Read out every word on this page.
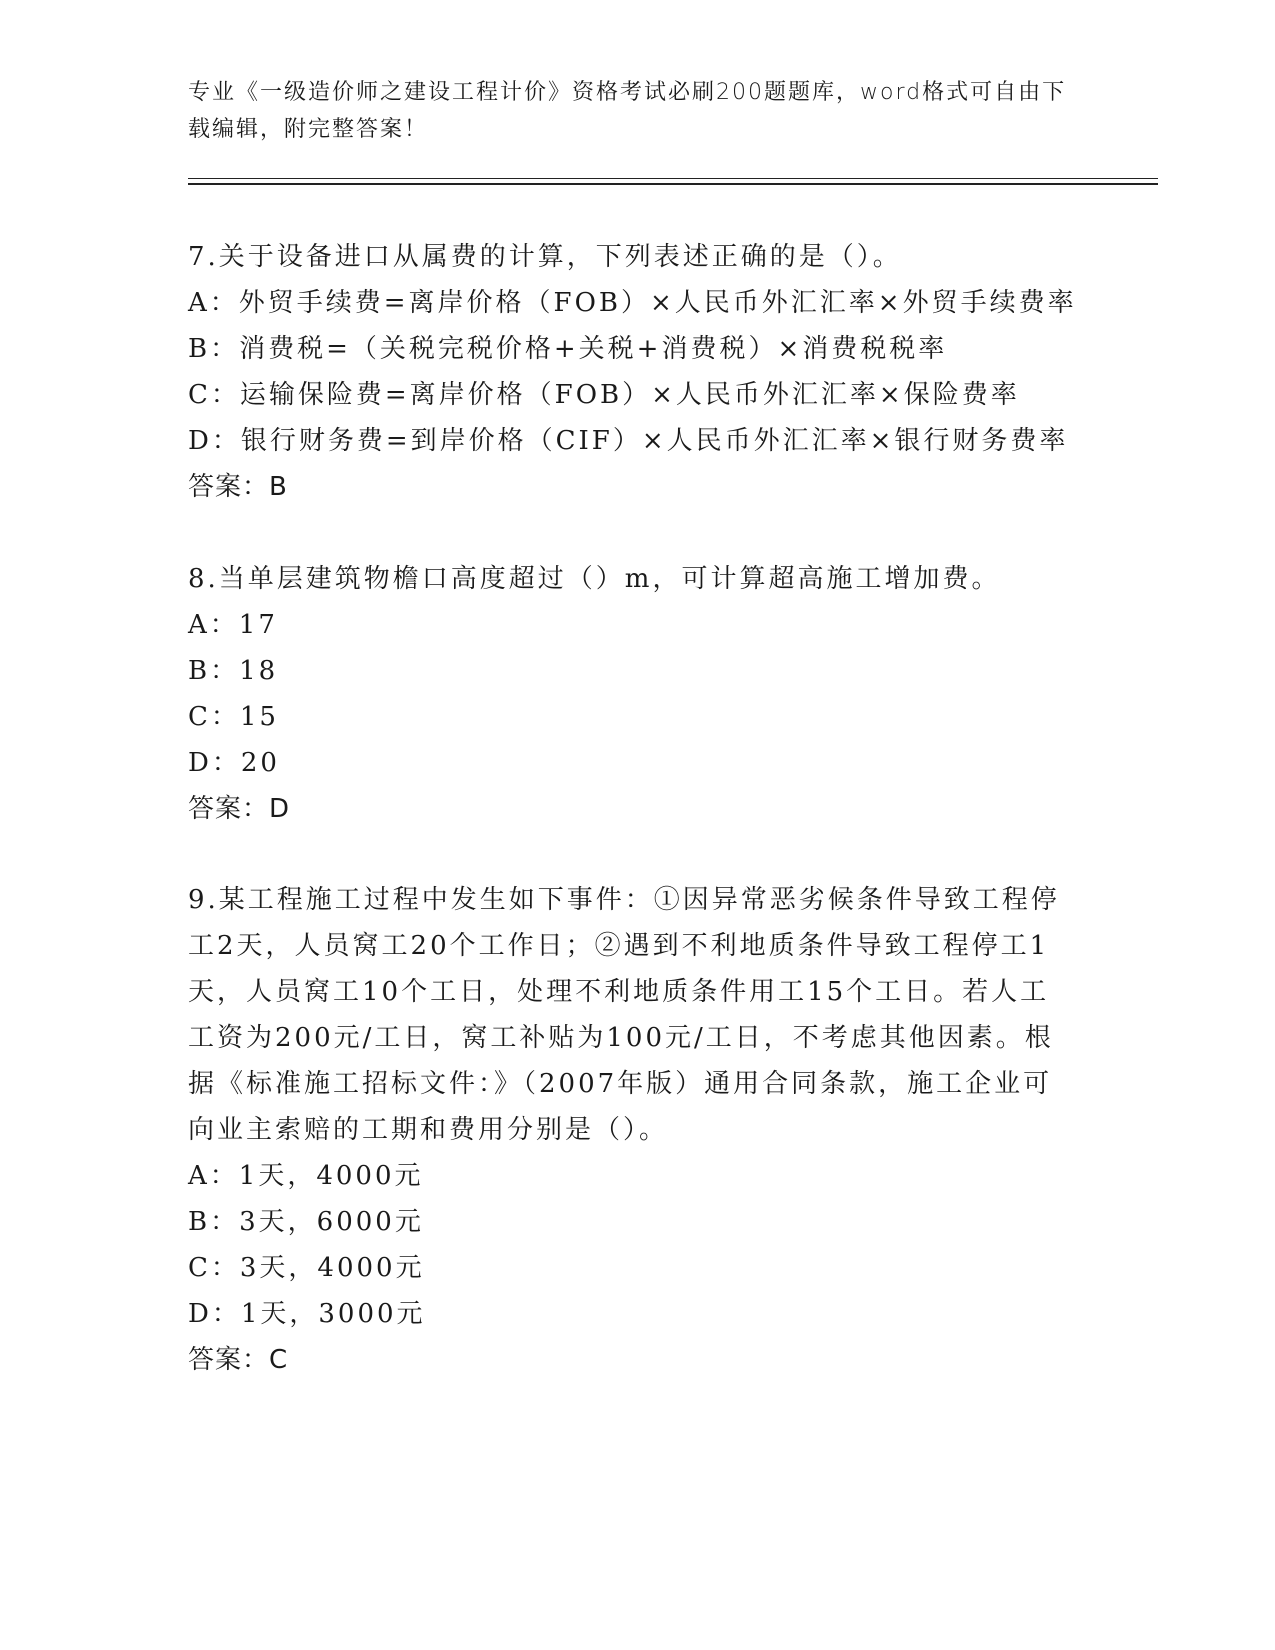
专业《一级造价师之建设工程计价》资格考试必刷200题题库，word格式可自由下载编辑，附完整答案！
7.关于设备进口从属费的计算，下列表述正确的是（）。
A：外贸手续费=离岸价格（FOB）×人民币外汇汇率×外贸手续费率
B：消费税=（关税完税价格+关税+消费税）×消费税税率
C：运输保险费=离岸价格（FOB）×人民币外汇汇率×保险费率
D：银行财务费=到岸价格（CIF）×人民币外汇汇率×银行财务费率
答案：B
8.当单层建筑物檐口高度超过（）m，可计算超高施工增加费。
A：17
B：18
C：15
D：20
答案：D
9.某工程施工过程中发生如下事件：①因异常恶劣候条件导致工程停工2天，人员窝工20个工作日；②遇到不利地质条件导致工程停工1天，人员窝工10个工日，处理不利地质条件用工15个工日。若人工工资为200元/工日，窝工补贴为100元/工日，不考虑其他因素。根据《标准施工招标文件：》（2007年版）通用合同条款，施工企业可向业主索赔的工期和费用分别是（）。
A：1天，4000元
B：3天，6000元
C：3天，4000元
D：1天，3000元
答案：C
